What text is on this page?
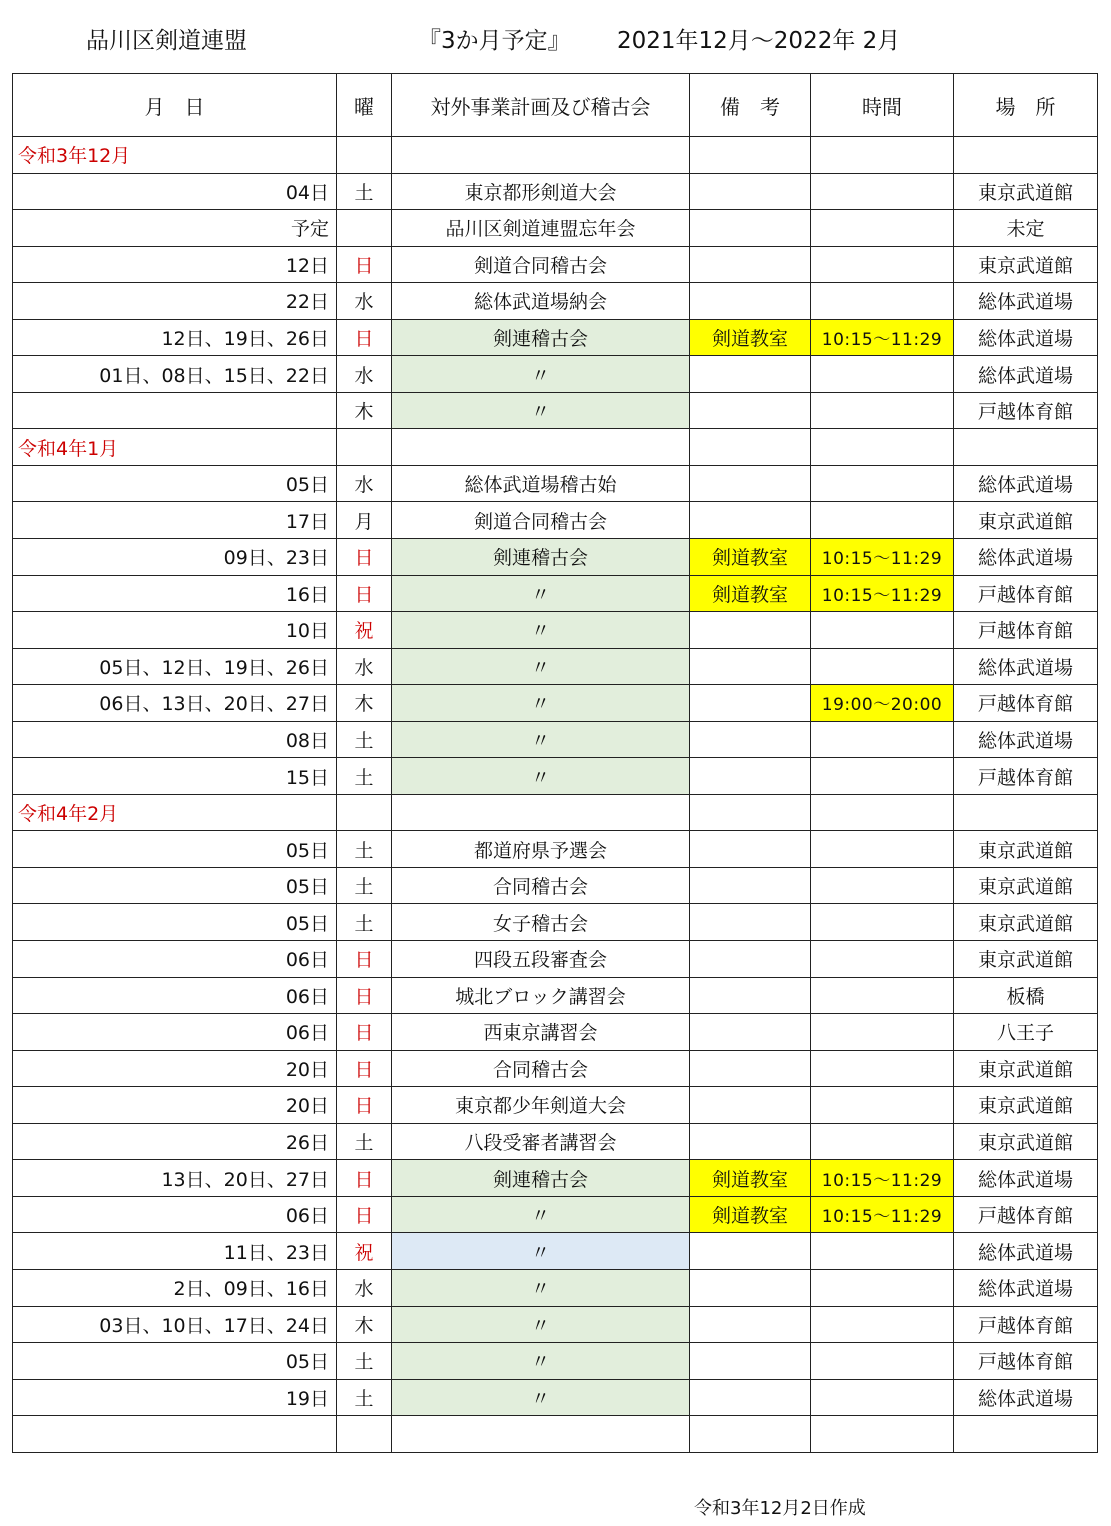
品川区剣道連盟	『3か月予定』 2021年12月～2022年 2月
月　日	曜	対外事業計画及び稽古会	備　考	時間	場　所
令和3年12月					
04日	土	東京都形剣道大会			東京武道館
予定		品川区剣道連盟忘年会			未定
12日	日	剣道合同稽古会			東京武道館
22日	水	総体武道場納会			総体武道場
12日、19日、26日	日	剣連稽古会	剣道教室	10:15～11:29	総体武道場
01日、08日、15日、22日	水	〃			総体武道場
	木	〃			戸越体育館
令和4年1月					
05日	水	総体武道場稽古始			総体武道場
17日	月	剣道合同稽古会			東京武道館
09日、23日	日	剣連稽古会	剣道教室	10:15～11:29	総体武道場
16日	日	〃	剣道教室	10:15～11:29	戸越体育館
10日	祝	〃			戸越体育館
05日、12日、19日、26日	水	〃			総体武道場
06日、13日、20日、27日	木	〃		19:00～20:00	戸越体育館
08日	土	〃			総体武道場
15日	土	〃			戸越体育館
令和4年2月					
05日	土	都道府県予選会			東京武道館
05日	土	合同稽古会			東京武道館
05日	土	女子稽古会			東京武道館
06日	日	四段五段審査会			東京武道館
06日	日	城北ブロック講習会			板橋
06日	日	西東京講習会			八王子
20日	日	合同稽古会			東京武道館
20日	日	東京都少年剣道大会			東京武道館
26日	土	八段受審者講習会			東京武道館
13日、20日、27日	日	剣連稽古会	剣道教室	10:15～11:29	総体武道場
06日	日	〃	剣道教室	10:15～11:29	戸越体育館
11日、23日	祝	〃			総体武道場
2日、09日、16日	水	〃			総体武道場
03日、10日、17日、24日	木	〃			戸越体育館
05日	土	〃			戸越体育館
19日	土	〃			総体武道場

令和3年12月2日作成
